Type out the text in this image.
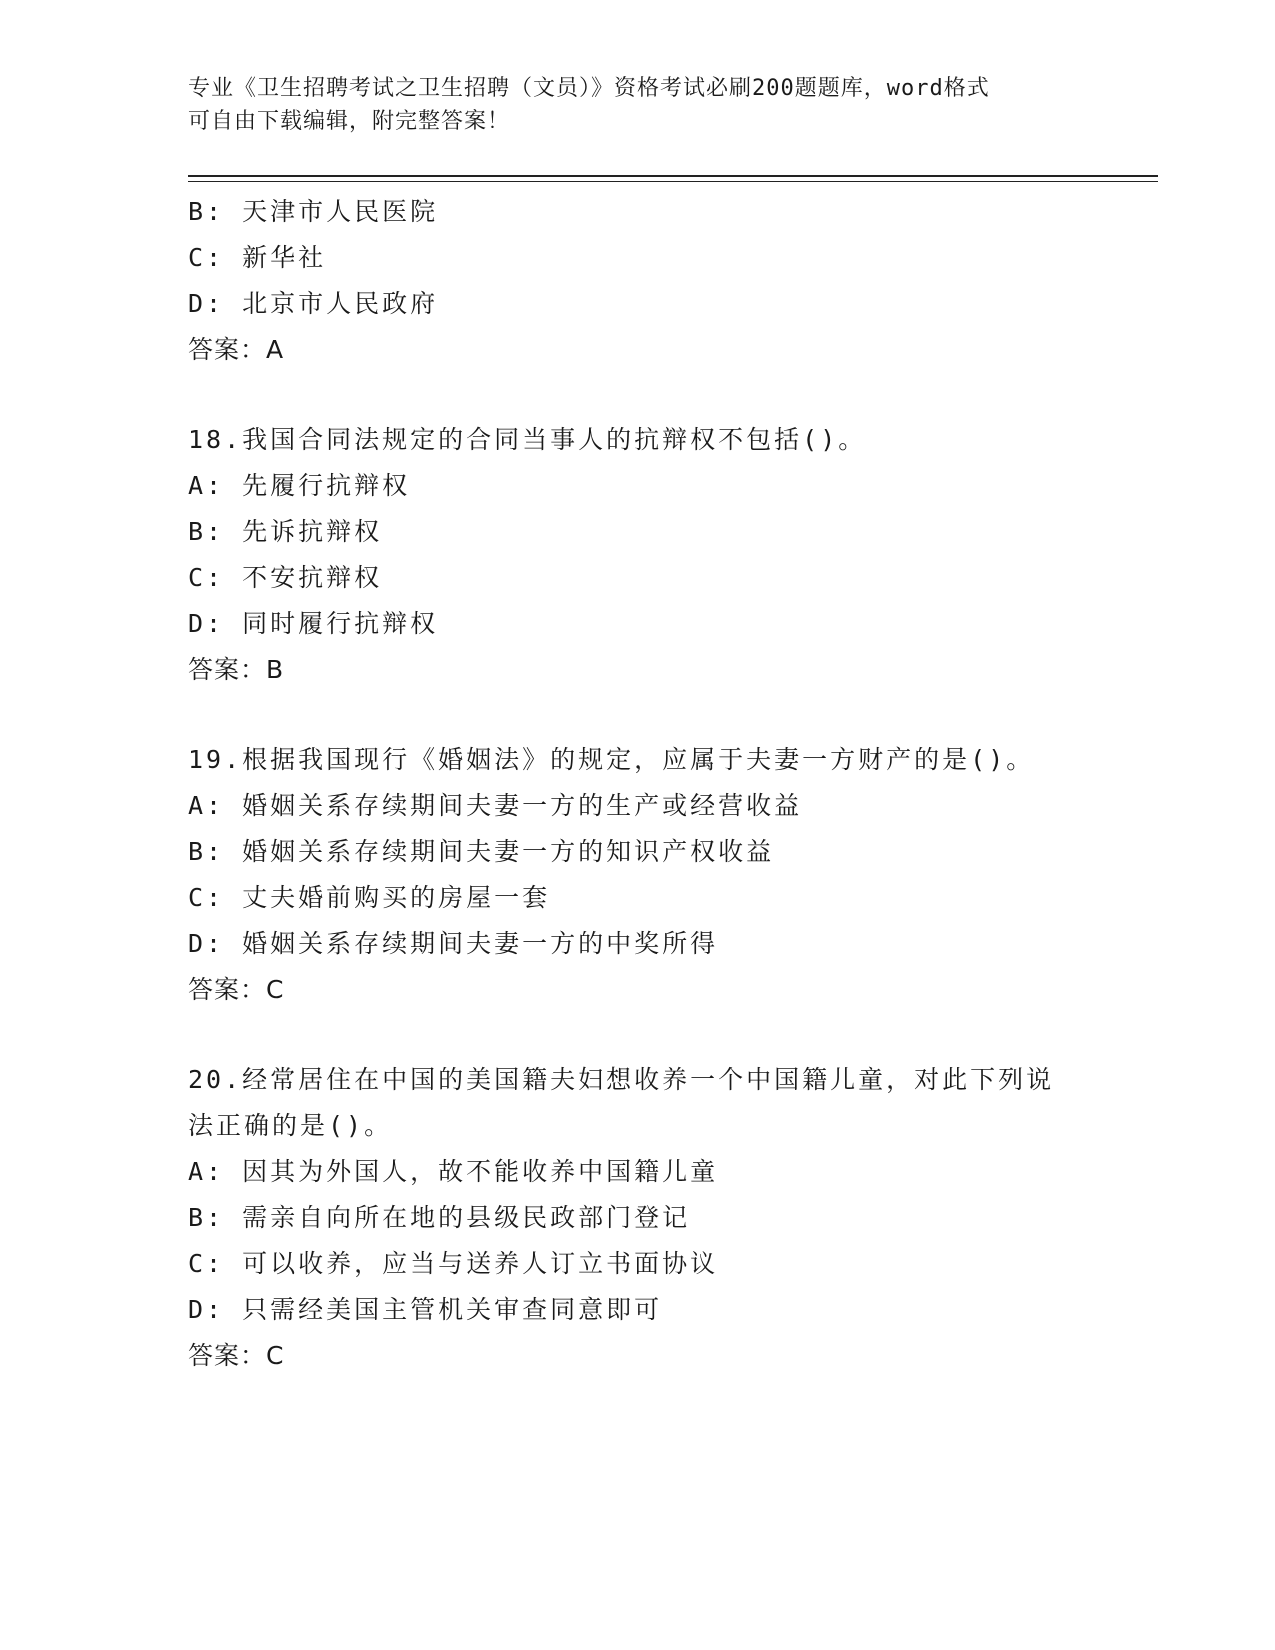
专业《卫生招聘考试之卫生招聘（文员）》资格考试必刷200题题库，word格式
可自由下载编辑，附完整答案！
B: 天津市人民医院
C: 新华社
D: 北京市人民政府
答案：A
18.我国合同法规定的合同当事人的抗辩权不包括()。
A: 先履行抗辩权
B: 先诉抗辩权
C: 不安抗辩权
D: 同时履行抗辩权
答案：B
19.根据我国现行《婚姻法》的规定，应属于夫妻一方财产的是()。
A: 婚姻关系存续期间夫妻一方的生产或经营收益
B: 婚姻关系存续期间夫妻一方的知识产权收益
C: 丈夫婚前购买的房屋一套
D: 婚姻关系存续期间夫妻一方的中奖所得
答案：C
20.经常居住在中国的美国籍夫妇想收养一个中国籍儿童，对此下列说
法正确的是()。
A: 因其为外国人，故不能收养中国籍儿童
B: 需亲自向所在地的县级民政部门登记
C: 可以收养，应当与送养人订立书面协议
D: 只需经美国主管机关审查同意即可
答案：C
